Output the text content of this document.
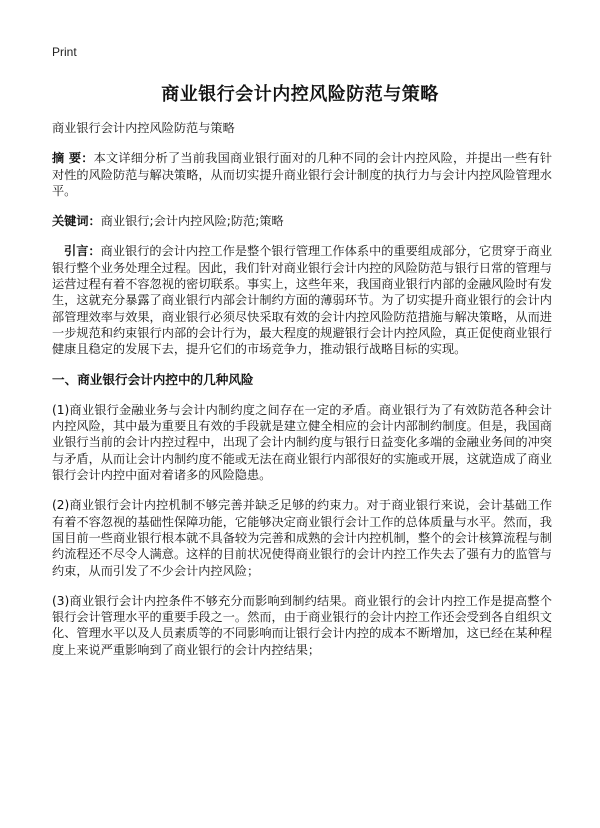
Print
商业银行会计内控风险防范与策略

商业银行会计内控风险防范与策略

摘 要：本文详细分析了当前我国商业银行面对的几种不同的会计内控风险，并提出一些有针对性的风险防范与解决策略，从而切实提升商业银行会计制度的执行力与会计内控风险管理水平。

关键词：商业银行;会计内控风险;防范;策略

引言：商业银行的会计内控工作是整个银行管理工作体系中的重要组成部分，它贯穿于商业银行整个业务处理全过程。因此，我们针对商业银行会计内控的风险防范与银行日常的管理与运营过程有着不容忽视的密切联系。事实上，这些年来，我国商业银行内部的金融风险时有发生，这就充分暴露了商业银行内部会计制约方面的薄弱环节。为了切实提升商业银行的会计内部管理效率与效果，商业银行必须尽快采取有效的会计内控风险防范措施与解决策略，从而进一步规范和约束银行内部的会计行为，最大程度的规避银行会计内控风险，真正促使商业银行健康且稳定的发展下去，提升它们的市场竞争力，推动银行战略目标的实现。

一、商业银行会计内控中的几种风险

(1)商业银行金融业务与会计内制约度之间存在一定的矛盾。商业银行为了有效防范各种会计内控风险，其中最为重要且有效的手段就是建立健全相应的会计内部制约制度。但是，我国商业银行当前的会计内控过程中，出现了会计内制约度与银行日益变化多端的金融业务间的冲突与矛盾，从而让会计内制约度不能或无法在商业银行内部很好的实施或开展，这就造成了商业银行会计内控中面对着诸多的风险隐患。

(2)商业银行会计内控机制不够完善并缺乏足够的约束力。对于商业银行来说，会计基础工作有着不容忽视的基础性保障功能，它能够决定商业银行会计工作的总体质量与水平。然而，我国目前一些商业银行根本就不具备较为完善和成熟的会计内控机制，整个的会计核算流程与制约流程还不尽令人满意。这样的目前状况使得商业银行的会计内控工作失去了强有力的监管与约束，从而引发了不少会计内控风险；

(3)商业银行会计内控条件不够充分而影响到制约结果。商业银行的会计内控工作是提高整个银行会计管理水平的重要手段之一。然而，由于商业银行的会计内控工作还会受到各自组织文化、管理水平以及人员素质等的不同影响而让银行会计内控的成本不断增加，这已经在某种程度上来说严重影响到了商业银行的会计内控结果；
